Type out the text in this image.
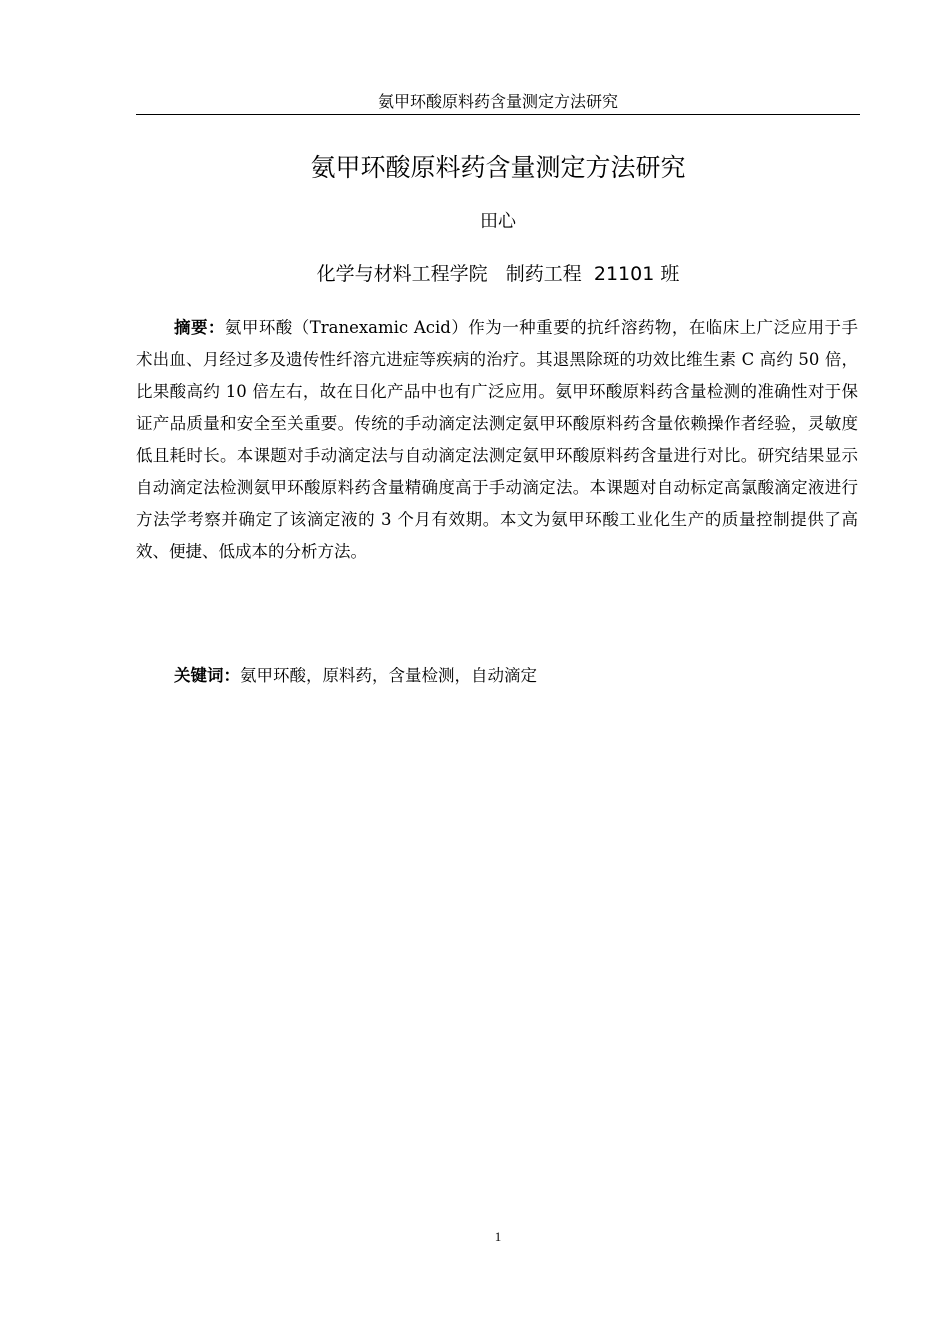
氨甲环酸原料药含量测定方法研究
氨甲环酸原料药含量测定方法研究
田心
化学与材料工程学院 制药工程 21101 班

摘要：氨甲环酸（Tranexamic Acid）作为一种重要的抗纤溶药物，在临床上广泛应用于手术出血、月经过多及遗传性纤溶亢进症等疾病的治疗。其退黑除斑的功效比维生素 C 高约 50 倍，比果酸高约 10 倍左右，故在日化产品中也有广泛应用。氨甲环酸原料药含量检测的准确性对于保证产品质量和安全至关重要。传统的手动滴定法测定氨甲环酸原料药含量依赖操作者经验，灵敏度低且耗时长。本课题对手动滴定法与自动滴定法测定氨甲环酸原料药含量进行对比。研究结果显示自动滴定法检测氨甲环酸原料药含量精确度高于手动滴定法。本课题对自动标定高氯酸滴定液进行方法学考察并确定了该滴定液的 3 个月有效期。本文为氨甲环酸工业化生产的质量控制提供了高效、便捷、低成本的分析方法。

关键词：氨甲环酸，原料药，含量检测，自动滴定

1
